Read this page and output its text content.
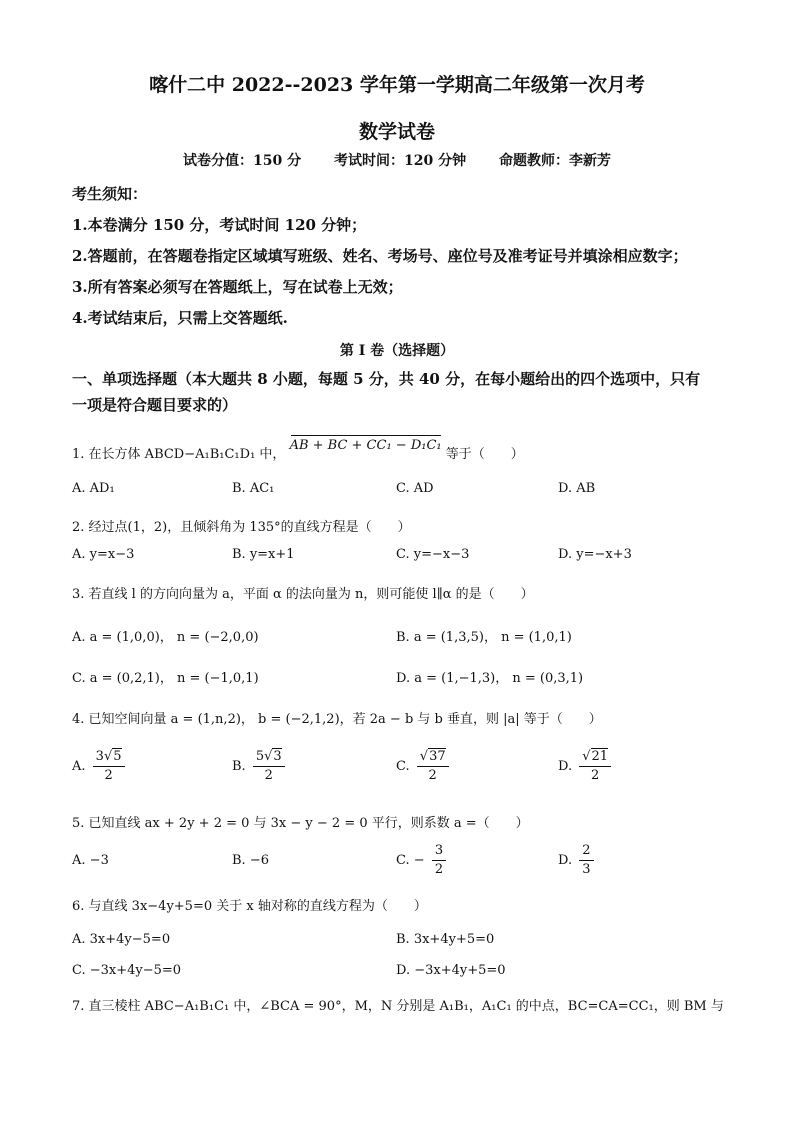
喀什二中 2022--2023 学年第一学期高二年级第一次月考
数学试卷
试卷分值：150 分 考试时间：120 分钟 命题教师：李新芳
考生须知：
1.本卷满分 150 分，考试时间 120 分钟；
2.答题前，在答题卷指定区域填写班级、姓名、考场号、座位号及准考证号并填涂相应数字；
3.所有答案必须写在答题纸上，写在试卷上无效；
4.考试结束后，只需上交答题纸.
第 I 卷（选择题）
一、单项选择题（本大题共 8 小题，每题 5 分，共 40 分，在每小题给出的四个选项中，只有
一项是符合题目要求的）
1. 在长方体 ABCD−A₁B₁C₁D₁ 中， AB + BC + CC₁ − D₁C₁ 等于（　　）
A. AD₁	B. AC₁	C. AD	D. AB
2. 经过点(1，2)，且倾斜角为 135°的直线方程是（　　）
A. y=x−3	B. y=x+1	C. y=−x−3	D. y=−x+3
3. 若直线 l 的方向向量为 a，平面 α 的法向量为 n，则可能使 l∥α 的是（　　）
A. a = (1,0,0)， n = (−2,0,0)	B. a = (1,3,5)， n = (1,0,1)
C. a = (0,2,1)， n = (−1,0,1)	D. a = (1,−1,3)， n = (0,3,1)
4. 已知空间向量 a = (1,n,2)， b = (−2,1,2)，若 2a − b 与 b 垂直，则 |a| 等于（　　）
A. $\frac{3√5}{2}$	B. $\frac{5√3}{2}$	C. $\frac{√37}{2}$	D. $\frac{√21}{2}$
5. 已知直线 ax + 2y + 2 = 0 与 3x − y − 2 = 0 平行，则系数 a =（　　）
A. −3	B. −6	C. − $\frac{3}{2}$	D. $\frac{2}{3}$
6. 与直线 3x−4y+5=0 关于 x 轴对称的直线方程为（　　）
A. 3x+4y−5=0	B. 3x+4y+5=0
C. −3x+4y−5=0	D. −3x+4y+5=0
7. 直三棱柱 ABC−A₁B₁C₁ 中，∠BCA = 90°，M，N 分别是 A₁B₁，A₁C₁ 的中点，BC=CA=CC₁，则 BM 与
